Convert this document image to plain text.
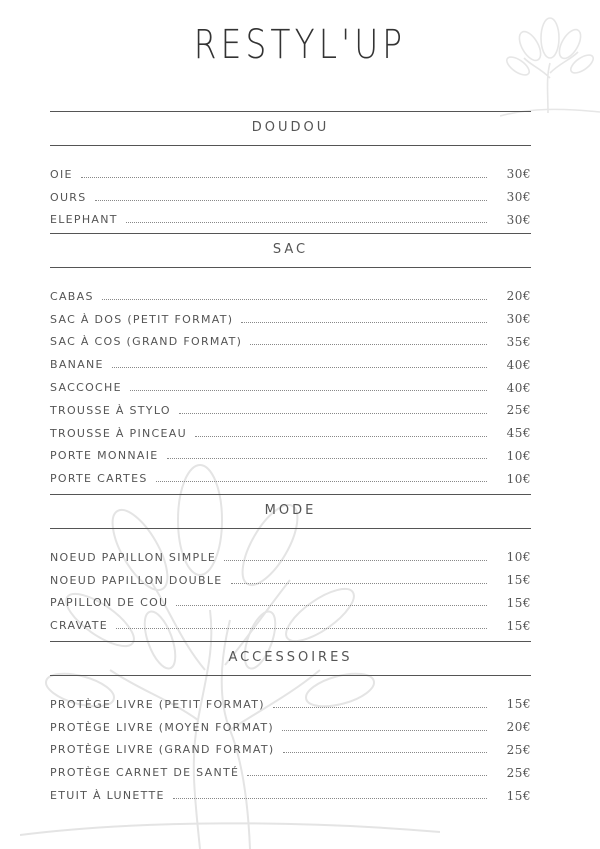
RESTYL'UP
DOUDOU
OIE	30€
OURS	30€
ELEPHANT	30€
SAC
CABAS	20€
SAC À DOS (PETIT FORMAT)	30€
SAC À COS (GRAND FORMAT)	35€
BANANE	40€
SACCOCHE	40€
TROUSSE À STYLO	25€
TROUSSE À PINCEAU	45€
PORTE MONNAIE	10€
PORTE CARTES	10€
MODE
NOEUD PAPILLON SIMPLE	10€
NOEUD PAPILLON DOUBLE	15€
PAPILLON DE COU	15€
CRAVATE	15€
ACCESSOIRES
PROTÈGE LIVRE (PETIT FORMAT)	15€
PROTÈGE LIVRE (MOYEN FORMAT)	20€
PROTÈGE LIVRE (GRAND FORMAT)	25€
PROTÈGE CARNET DE SANTÉ	25€
ETUIT À LUNETTE	15€
